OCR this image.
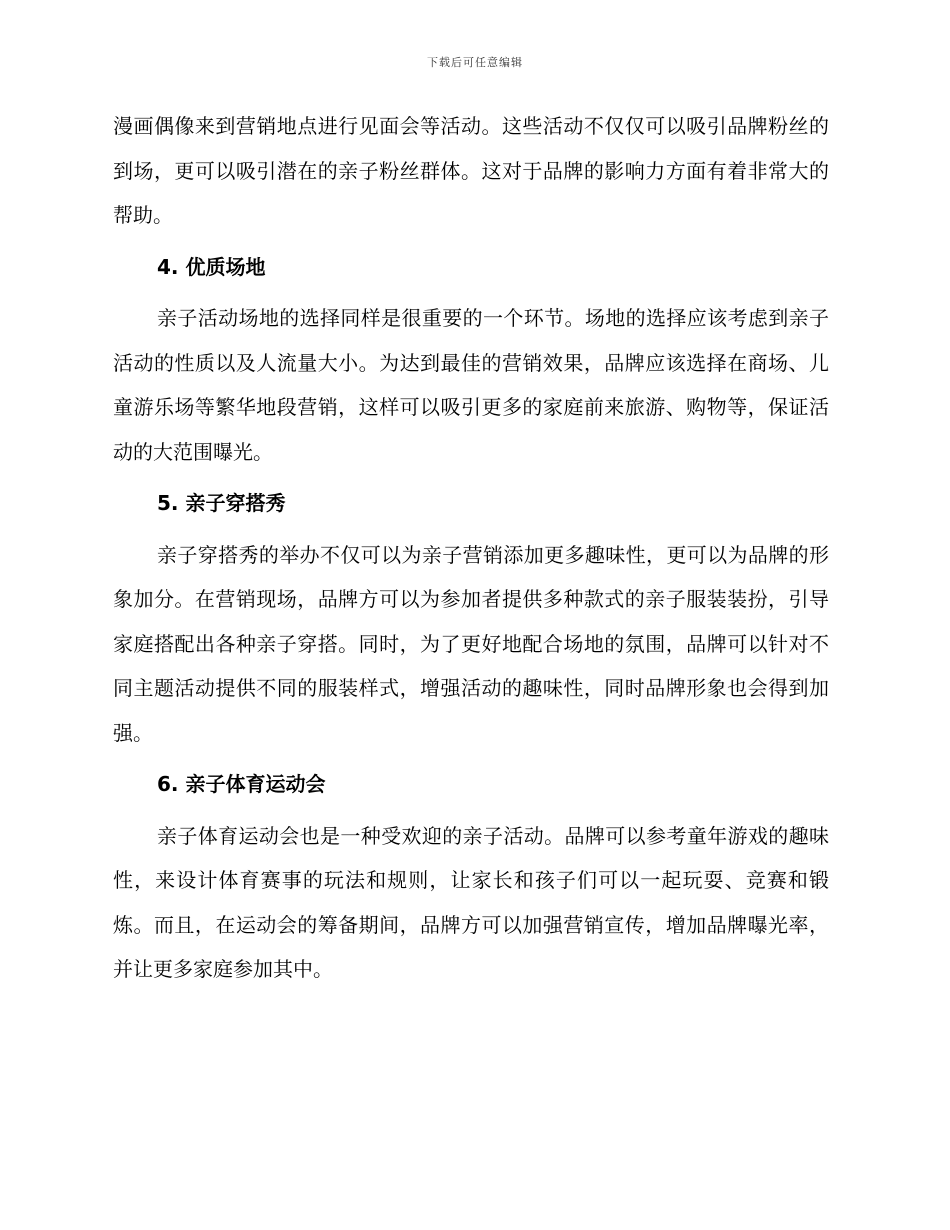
下载后可任意编辑

漫画偶像来到营销地点进行见面会等活动。这些活动不仅仅可以吸引品牌粉丝的到场，更可以吸引潜在的亲子粉丝群体。这对于品牌的影响力方面有着非常大的帮助。

4. 优质场地

亲子活动场地的选择同样是很重要的一个环节。场地的选择应该考虑到亲子活动的性质以及人流量大小。为达到最佳的营销效果，品牌应该选择在商场、儿童游乐场等繁华地段营销，这样可以吸引更多的家庭前来旅游、购物等，保证活动的大范围曝光。

5. 亲子穿搭秀

亲子穿搭秀的举办不仅可以为亲子营销添加更多趣味性，更可以为品牌的形象加分。在营销现场，品牌方可以为参加者提供多种款式的亲子服装装扮，引导家庭搭配出各种亲子穿搭。同时，为了更好地配合场地的氛围，品牌可以针对不同主题活动提供不同的服装样式，增强活动的趣味性，同时品牌形象也会得到加强。

6. 亲子体育运动会

亲子体育运动会也是一种受欢迎的亲子活动。品牌可以参考童年游戏的趣味性，来设计体育赛事的玩法和规则，让家长和孩子们可以一起玩耍、竞赛和锻炼。而且，在运动会的筹备期间，品牌方可以加强营销宣传，增加品牌曝光率，并让更多家庭参加其中。
